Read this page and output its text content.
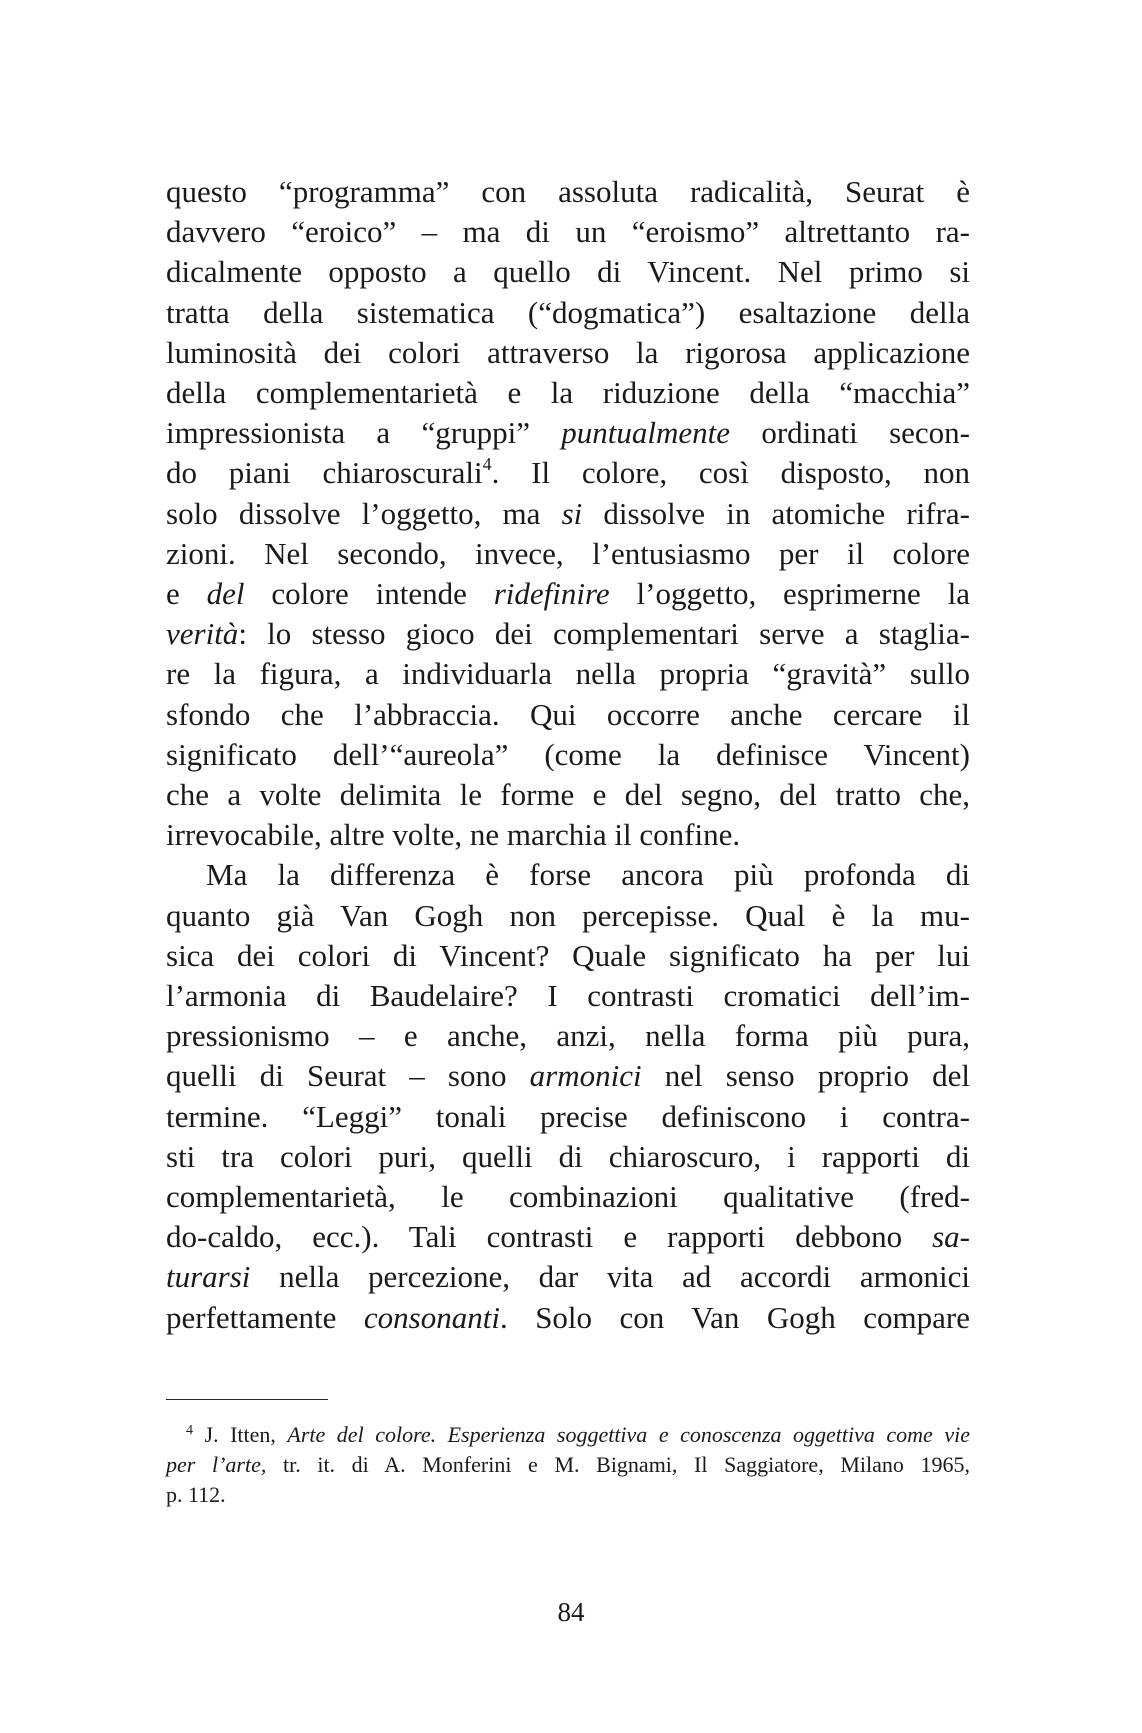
questo “programma” con assoluta radicalità, Seurat è
davvero “eroico” – ma di un “eroismo” altrettanto ra-
dicalmente opposto a quello di Vincent. Nel primo si
tratta della sistematica (“dogmatica”) esaltazione della
luminosità dei colori attraverso la rigorosa applicazione
della complementarietà e la riduzione della “macchia”
impressionista a “gruppi” puntualmente ordinati secon-
do piani chiaroscurali$^4$. Il colore, così disposto, non
solo dissolve l’oggetto, ma si dissolve in atomiche rifra-
zioni. Nel secondo, invece, l’entusiasmo per il colore
e del colore intende ridefinire l’oggetto, esprimerne la
verità: lo stesso gioco dei complementari serve a staglia-
re la figura, a individuarla nella propria “gravità” sullo
sfondo che l’abbraccia. Qui occorre anche cercare il
significato dell’“aureola” (come la definisce Vincent)
che a volte delimita le forme e del segno, del tratto che,
irrevocabile, altre volte, ne marchia il confine.
Ma la differenza è forse ancora più profonda di
quanto già Van Gogh non percepisse. Qual è la mu-
sica dei colori di Vincent? Quale significato ha per lui
l’armonia di Baudelaire? I contrasti cromatici dell’im-
pressionismo – e anche, anzi, nella forma più pura,
quelli di Seurat – sono armonici nel senso proprio del
termine. “Leggi” tonali precise definiscono i contra-
sti tra colori puri, quelli di chiaroscuro, i rapporti di
complementarietà, le combinazioni qualitative (fred-
do-caldo, ecc.). Tali contrasti e rapporti debbono sa-
turarsi nella percezione, dar vita ad accordi armonici
perfettamente consonanti. Solo con Van Gogh compare
$^4$ J. Itten, Arte del colore. Esperienza soggettiva e conoscenza oggettiva come vie
per l’arte, tr. it. di A. Monferini e M. Bignami, Il Saggiatore, Milano 1965,
p. 112.
84
